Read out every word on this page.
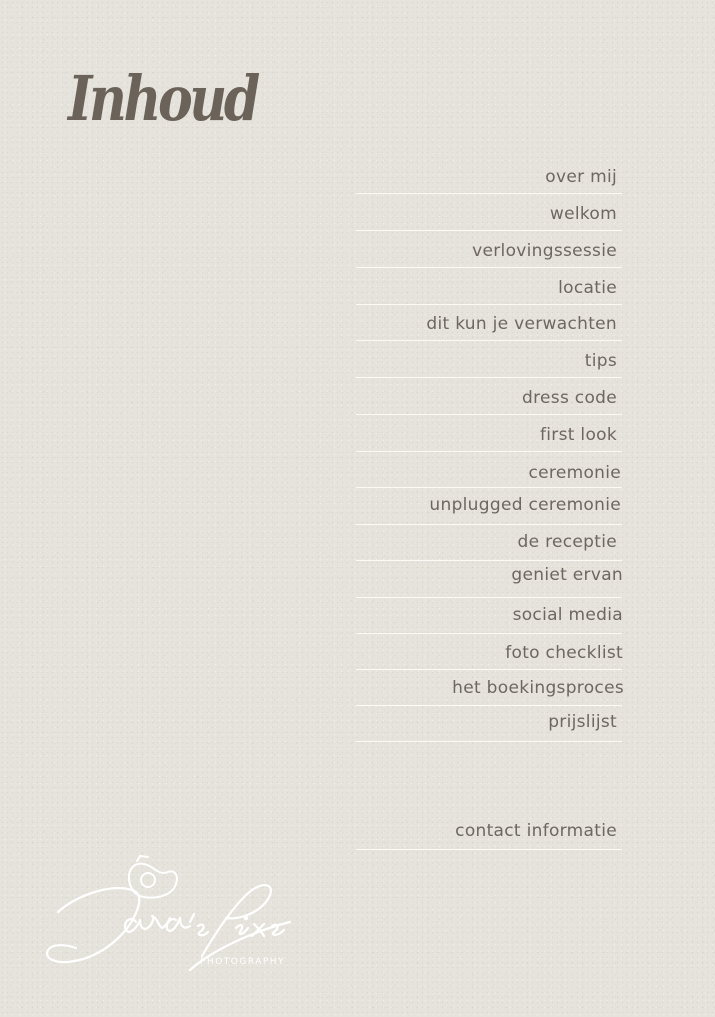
Inhoud
over mij
welkom
verlovingssessie
locatie
dit kun je verwachten
tips
dress code
first look
ceremonie
unplugged ceremonie
de receptie
geniet ervan
social media
foto checklist
het boekingsproces
prijslijst
contact informatie
PHOTOGRAPHY
